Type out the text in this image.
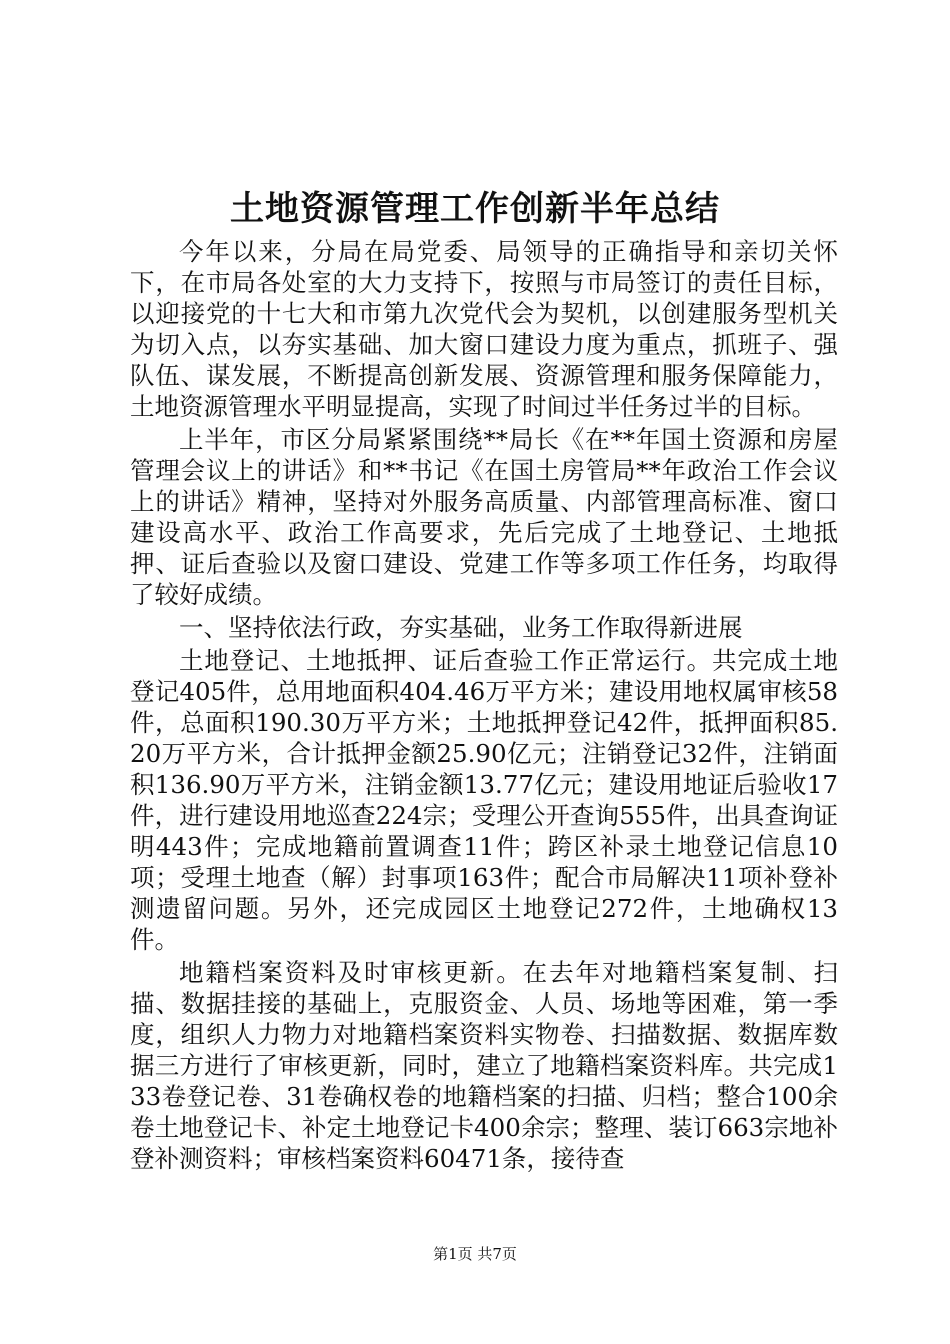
土地资源管理工作创新半年总结

今年以来，分局在局党委、局领导的正确指导和亲切关怀下，在市局各处室的大力支持下，按照与市局签订的责任目标，以迎接党的十七大和市第九次党代会为契机，以创建服务型机关为切入点，以夯实基础、加大窗口建设力度为重点，抓班子、强队伍、谋发展，不断提高创新发展、资源管理和服务保障能力，土地资源管理水平明显提高，实现了时间过半任务过半的目标。

上半年，市区分局紧紧围绕**局长《在**年国土资源和房屋管理会议上的讲话》和**书记《在国土房管局**年政治工作会议上的讲话》精神，坚持对外服务高质量、内部管理高标准、窗口建设高水平、政治工作高要求，先后完成了土地登记、土地抵押、证后查验以及窗口建设、党建工作等多项工作任务，均取得了较好成绩。

一、坚持依法行政，夯实基础，业务工作取得新进展

土地登记、土地抵押、证后查验工作正常运行。共完成土地登记405件，总用地面积404.46万平方米；建设用地权属审核58件，总面积190.30万平方米；土地抵押登记42件，抵押面积85.20万平方米，合计抵押金额25.90亿元；注销登记32件，注销面积136.90万平方米，注销金额13.77亿元；建设用地证后验收17件，进行建设用地巡查224宗；受理公开查询555件，出具查询证明443件；完成地籍前置调查11件；跨区补录土地登记信息10项；受理土地查（解）封事项163件；配合市局解决11项补登补测遗留问题。另外，还完成园区土地登记272件，土地确权13件。

地籍档案资料及时审核更新。在去年对地籍档案复制、扫描、数据挂接的基础上，克服资金、人员、场地等困难，第一季度，组织人力物力对地籍档案资料实物卷、扫描数据、数据库数据三方进行了审核更新，同时，建立了地籍档案资料库。共完成133卷登记卷、31卷确权卷的地籍档案的扫描、归档；整合100余卷土地登记卡、补定土地登记卡400余宗；整理、装订663宗地补登补测资料；审核档案资料60471条，接待查

第1页 共7页
